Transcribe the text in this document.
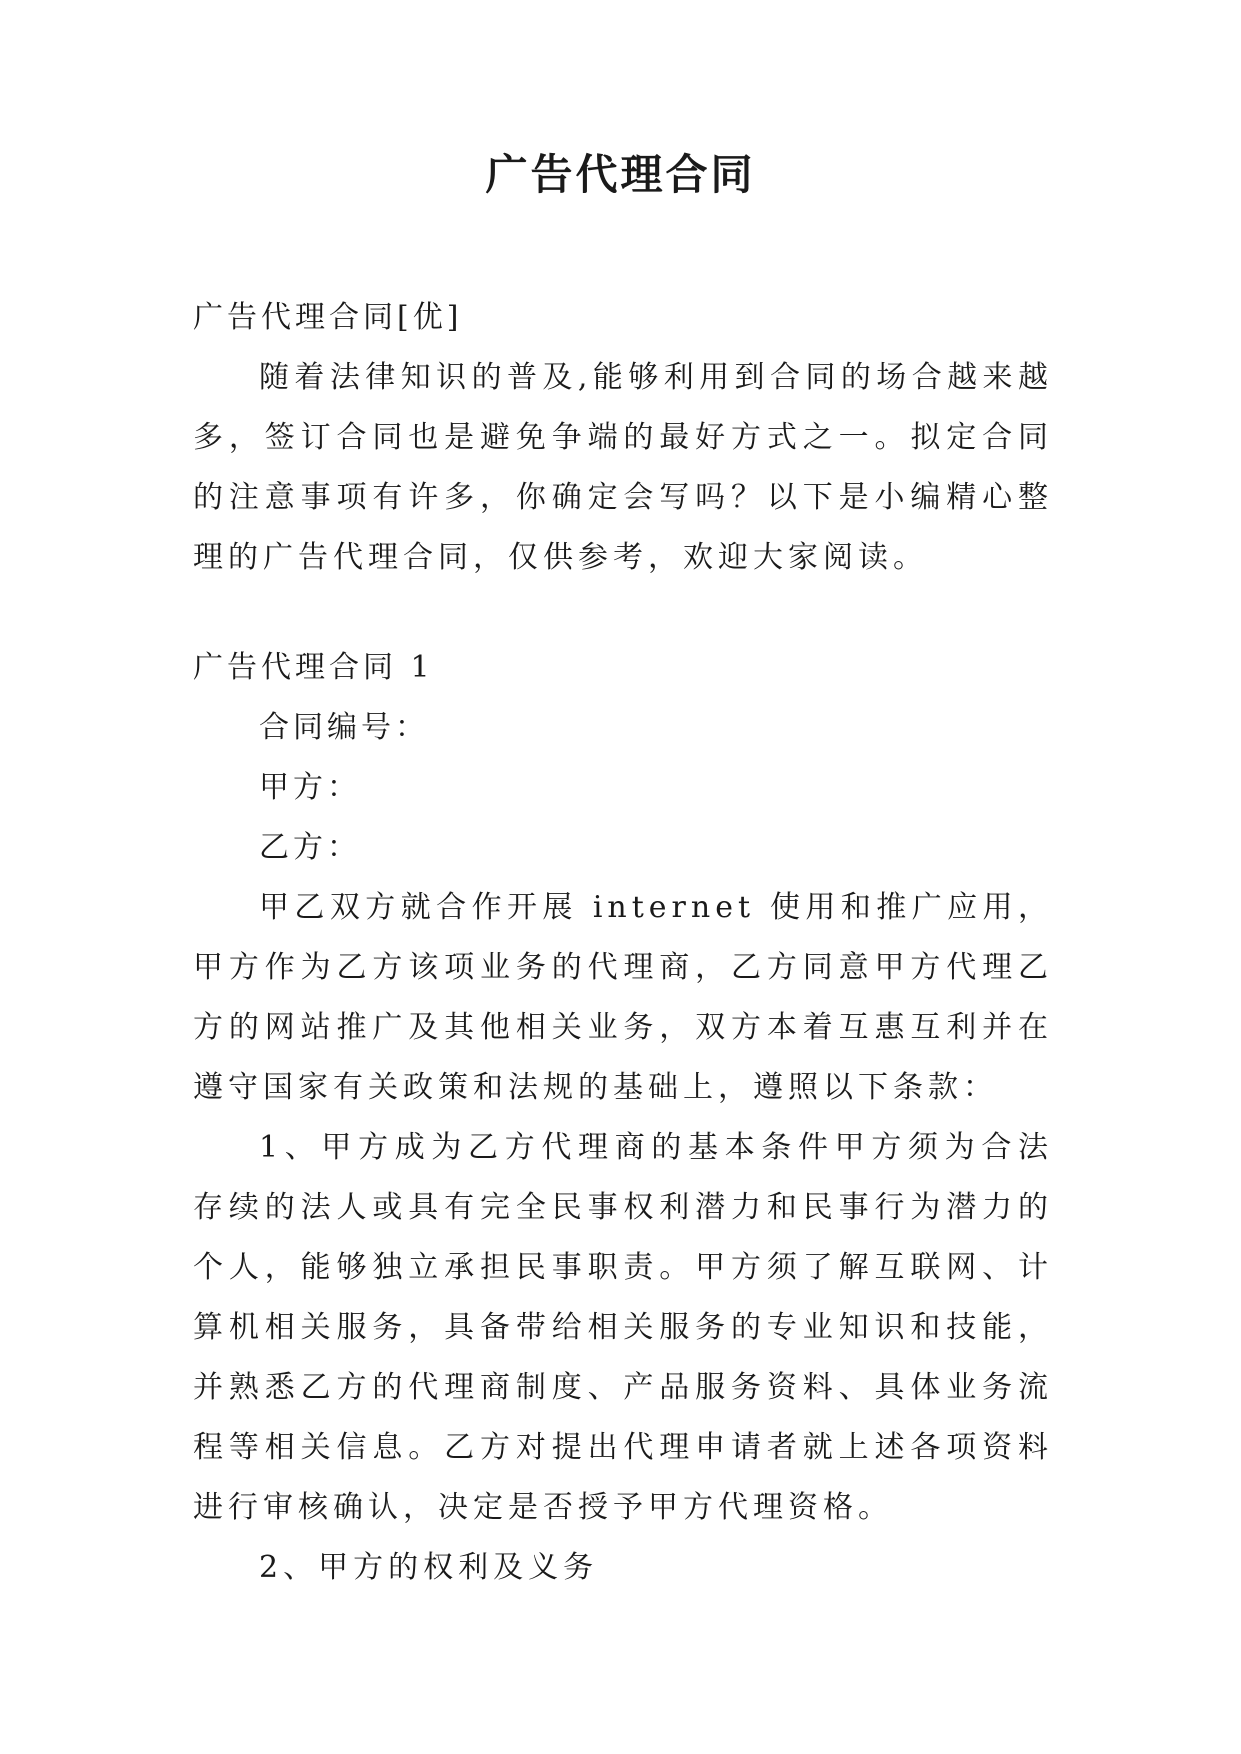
广告代理合同

广告代理合同[优]

随着法律知识的普及,能够利用到合同的场合越来越多，签订合同也是避免争端的最好方式之一。拟定合同的注意事项有许多，你确定会写吗？以下是小编精心整理的广告代理合同，仅供参考，欢迎大家阅读。

广告代理合同 1

合同编号：

甲方：

乙方：

甲乙双方就合作开展 internet 使用和推广应用，甲方作为乙方该项业务的代理商，乙方同意甲方代理乙方的网站推广及其他相关业务，双方本着互惠互利并在遵守国家有关政策和法规的基础上，遵照以下条款：

1、甲方成为乙方代理商的基本条件甲方须为合法存续的法人或具有完全民事权利潜力和民事行为潜力的个人，能够独立承担民事职责。甲方须了解互联网、计算机相关服务，具备带给相关服务的专业知识和技能，并熟悉乙方的代理商制度、产品服务资料、具体业务流程等相关信息。乙方对提出代理申请者就上述各项资料进行审核确认，决定是否授予甲方代理资格。

2、甲方的权利及义务
